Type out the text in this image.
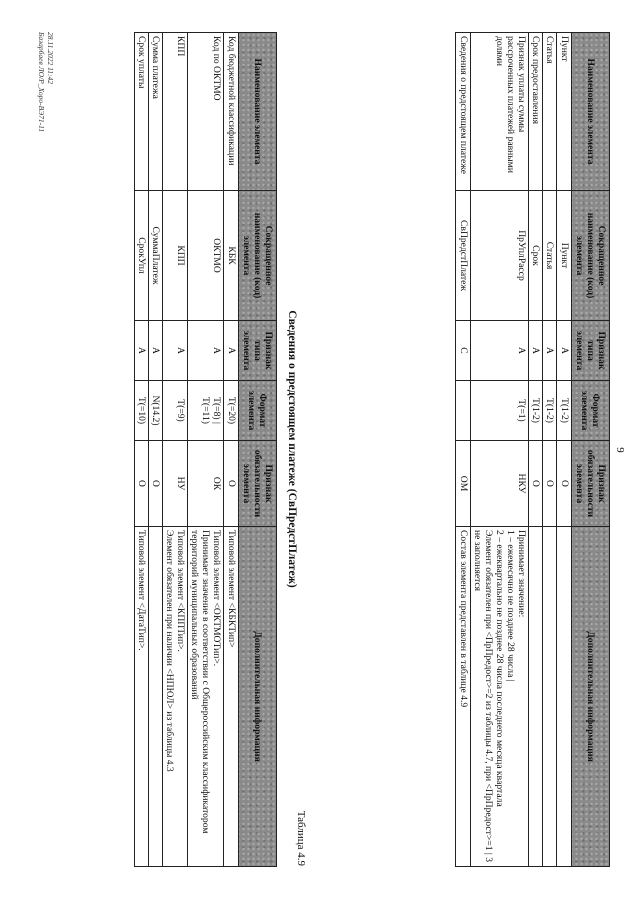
9
Наименование элемента	Сокращенное наименование (код) элемента	Признак типа элемента	Формат элемента	Признак обязательности элемента	Дополнительная информация
Пункт	Пункт	А	Т(1-2)	О	
Статья	Статья	А	Т(1-2)	О	
Срок предоставления	Срок	А	Т(1-2)	О	
Признак уплаты суммы рассроченных платежей равными долями	ПрУплРасср	А	Т(=1)	НКУ	Принимает значение:
1 – ежемесячно не позднее 28 числа |
2 – ежеквартально не позднее 28 числа последнего месяца квартала
Элемент обязателен при <ПрПредост>=2 из таблицы 4.7, при <ПрПредост>=1 | 3 не заполняется

Сведения о предстоящем платеже	СвПредстПлатеж	С		ОМ	Состав элемента представлен в таблице 4.9
Таблица 4.9
Сведения о предстоящем платеже (СвПредстПлатеж)
Наименование элемента	Сокращенное наименование (код) элемента	Признак типа элемента	Формат элемента	Признак обязательности элемента	Дополнительная информация
Код бюджетной классификации	КБК	А	Т(=20)	О	Типовой элемент <КБКТип>

Код по ОКТМО	ОКТМО	А	Т(=8) | Т(=11)	ОК	Типовой элемент <ОКТМОТип>.
Принимает значение в соответствии с Общероссийским классификатором территорий муниципальных образований

КПП	КПП	А	Т(=9)	НУ	Типовой элемент <КППТип>.
Элемент обязателен при наличии <НПЮЛ> из таблицы 4.3

Сумма платежа	СуммаПлатеж	А	N(14.2)	О	
Срок уплаты	СрокУпл	А	Т(=10)	О	Типовой элемент <ДатаТип>.
28.11.2022 11:42
Базарбаев ЛО/Р_Хоро-ВЭ71-11
